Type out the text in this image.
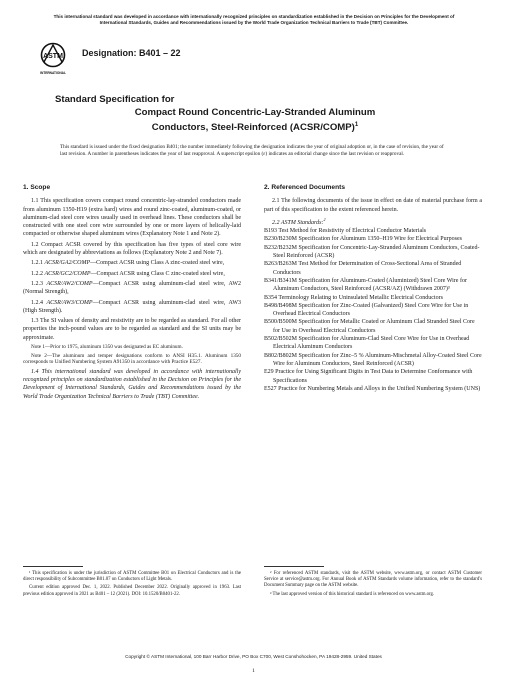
This international standard was developed in accordance with internationally recognized principles on standardization established in the Decision on Principles for the Development of International Standards, Guides and Recommendations issued by the World Trade Organization Technical Barriers to Trade (TBT) Committee.
ASTM
INTERNATIONAL
Designation: B401 – 22
Standard Specification for
Compact Round Concentric-Lay-Stranded Aluminum
Conductors, Steel-Reinforced (ACSR/COMP)$^1$
This standard is issued under the fixed designation B401; the number immediately following the designation indicates the year of original adoption or, in the case of revision, the year of last revision. A number in parentheses indicates the year of last reapproval. A superscript epsilon (ε) indicates an editorial change since the last revision or reapproval.
1. Scope
1.1 This specification covers compact round concentric-lay-stranded conductors made from aluminum 1350-H19 (extra hard) wires and round zinc-coated, aluminum-coated, or aluminum-clad steel core wires usually used in overhead lines. These conductors shall be constructed with one steel core wire surrounded by one or more layers of helically-laid compacted or otherwise shaped aluminum wires (Explanatory Note 1 and Note 2).
1.2 Compact ACSR covered by this specification has five types of steel core wire which are designated by abbreviations as follows (Explanatory Note 2 and Note 7).
1.2.1 ACSR/GA2/COMP—Compact ACSR using Class A zinc-coated steel wire,
1.2.2 ACSR/GC2/COMP—Compact ACSR using Class C zinc-coated steel wire,
1.2.3 ACSR/AW2/COMP—Compact ACSR using aluminum-clad steel wire, AW2 (Normal Strength),
1.2.4 ACSR/AW3/COMP—Compact ACSR using aluminum-clad steel wire, AW3 (High Strength).
1.3 The SI values of density and resistivity are to be regarded as standard. For all other properties the inch-pound values are to be regarded as standard and the SI units may be approximate.
Note 1—Prior to 1975, aluminum 1350 was designated as EC aluminum.
Note 2—The aluminum and temper designations conform to ANSI H35.1. Aluminum 1350 corresponds to Unified Numbering System A91350 in accordance with Practice E527.
1.4 This international standard was developed in accordance with internationally recognized principles on standardization established in the Decision on Principles for the Development of International Standards, Guides and Recommendations issued by the World Trade Organization Technical Barriers to Trade (TBT) Committee.
2. Referenced Documents
2.1 The following documents of the issue in effect on date of material purchase form a part of this specification to the extent referenced herein.
2.2 ASTM Standards:$^2$
B193 Test Method for Resistivity of Electrical Conductor Materials
B230/B230M Specification for Aluminum 1350–H19 Wire for Electrical Purposes
B232/B232M Specification for Concentric-Lay-Stranded Aluminum Conductors, Coated-Steel Reinforced (ACSR)
B263/B263M Test Method for Determination of Cross-Sectional Area of Stranded Conductors
B341/B341M Specification for Aluminum-Coated (Aluminized) Steel Core Wire for Aluminum Conductors, Steel Reinforced (ACSR/AZ) (Withdrawn 2007)³
B354 Terminology Relating to Uninsulated Metallic Electrical Conductors
B498/B498M Specification for Zinc-Coated (Galvanized) Steel Core Wire for Use in Overhead Electrical Conductors
B500/B500M Specification for Metallic Coated or Aluminum Clad Stranded Steel Core for Use in Overhead Electrical Conductors
B502/B502M Specification for Aluminum-Clad Steel Core Wire for Use in Overhead Electrical Aluminum Conductors
B802/B802M Specification for Zinc–5 % Aluminum-Mischmetal Alloy-Coated Steel Core Wire for Aluminum Conductors, Steel Reinforced (ACSR)
E29 Practice for Using Significant Digits in Test Data to Determine Conformance with Specifications
E527 Practice for Numbering Metals and Alloys in the Unified Numbering System (UNS)
¹ This specification is under the jurisdiction of ASTM Committee B01 on Electrical Conductors and is the direct responsibility of Subcommittee B01.07 on Conductors of Light Metals.
Current edition approved Dec. 1, 2022. Published December 2022. Originally approved in 1963. Last previous edition approved in 2021 as B401 – 12 (2021). DOI: 10.1520/B0401-22.
² For referenced ASTM standards, visit the ASTM website, www.astm.org, or contact ASTM Customer Service at service@astm.org. For Annual Book of ASTM Standards volume information, refer to the standard's Document Summary page on the ASTM website.
³ The last approved version of this historical standard is referenced on www.astm.org.
Copyright © ASTM International, 100 Barr Harbor Drive, PO Box C700, West Conshohocken, PA 19428-2959. United States
1
